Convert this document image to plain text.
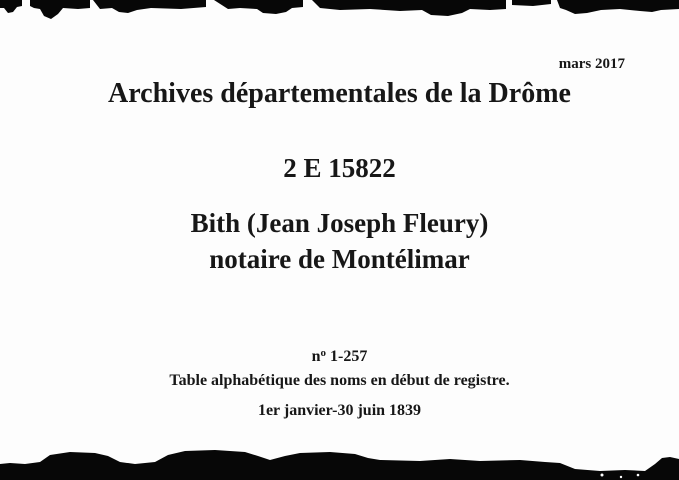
mars 2017
Archives départementales de la Drôme
2 E 15822
Bith (Jean Joseph Fleury)
notaire de Montélimar
no 1-257
Table alphabétique des noms en début de registre.
1er janvier-30 juin 1839
